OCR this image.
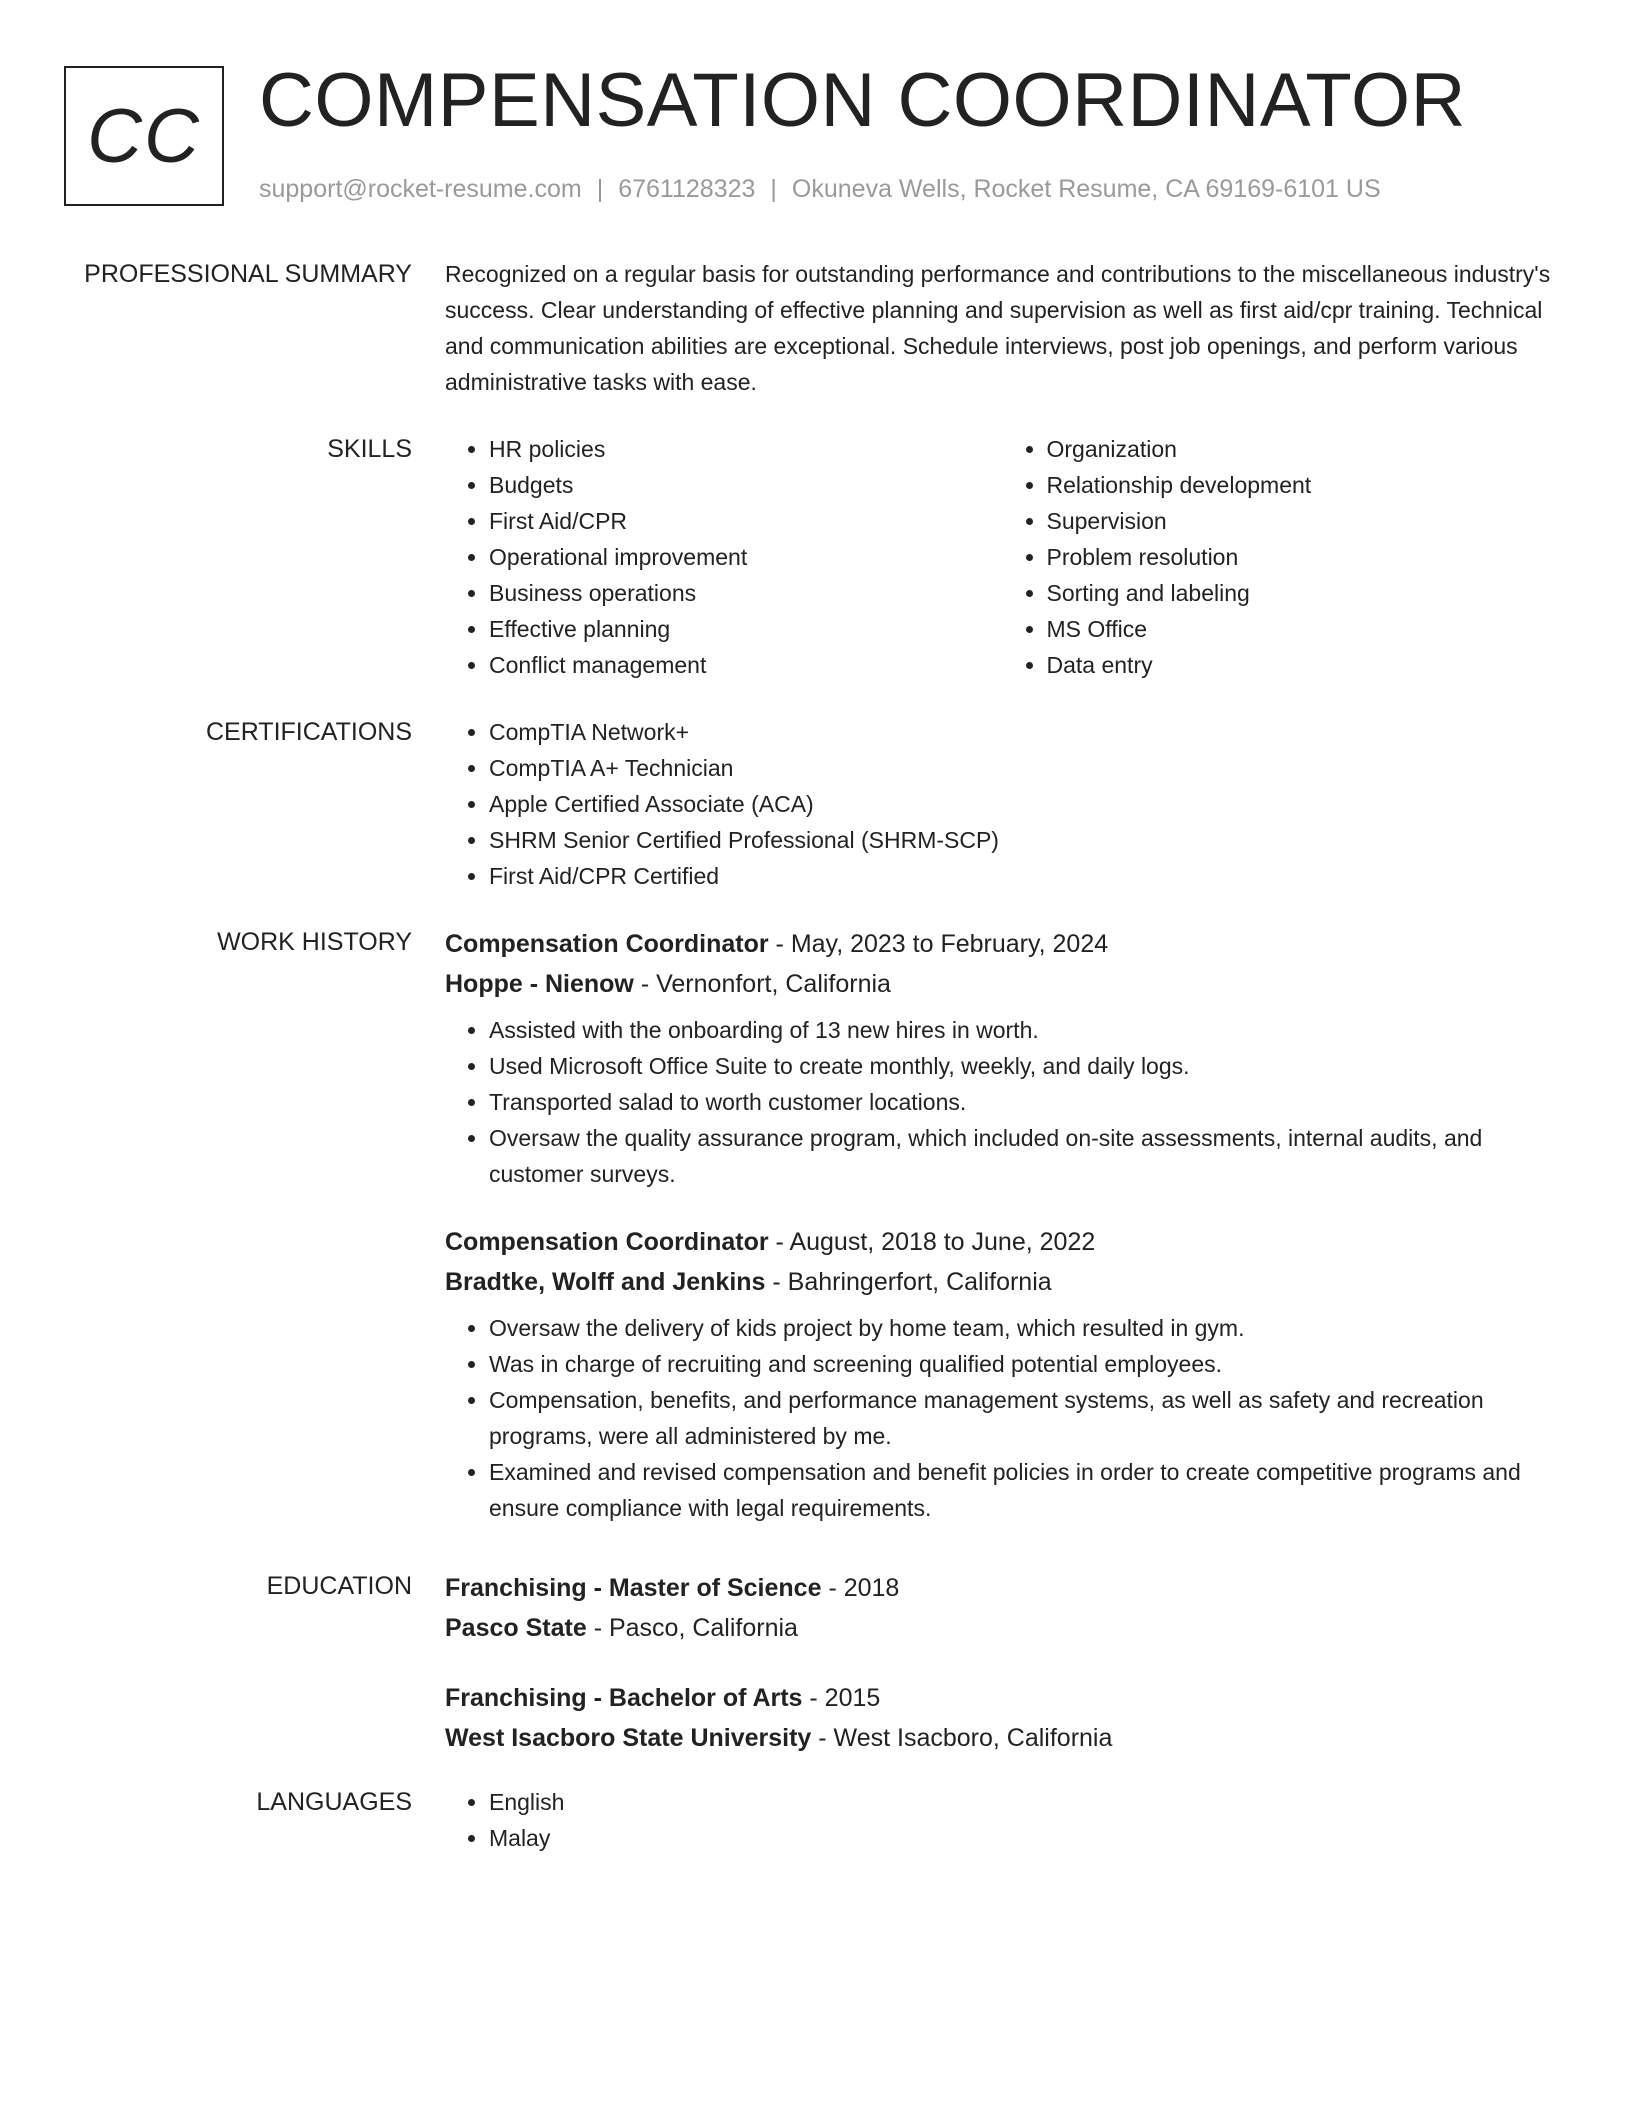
CC COMPENSATION COORDINATOR
support@rocket-resume.com | 6761128323 | Okuneva Wells, Rocket Resume, CA 69169-6101 US
PROFESSIONAL SUMMARY Recognized on a regular basis for outstanding performance and contributions to the miscellaneous industry's success. Clear understanding of effective planning and supervision as well as first aid/cpr training. Technical and communication abilities are exceptional. Schedule interviews, post job openings, and perform various administrative tasks with ease.
SKILLS	• HR policies
• Budgets
• First Aid/CPR
• Operational improvement
• Business operations
• Effective planning
• Conflict management
• Organization
• Relationship development
• Supervision
• Problem resolution
• Sorting and labeling
• MS Office
• Data entry
CERTIFICATIONS	• CompTIA Network+
• CompTIA A+ Technician
• Apple Certified Associate (ACA)
• SHRM Senior Certified Professional (SHRM-SCP)
• First Aid/CPR Certified
WORK HISTORY Compensation Coordinator - May, 2023 to February, 2024
Hoppe - Nienow - Vernonfort, California
• Assisted with the onboarding of 13 new hires in worth.
• Used Microsoft Office Suite to create monthly, weekly, and daily logs.
• Transported salad to worth customer locations.
• Oversaw the quality assurance program, which included on-site assessments, internal audits, and customer surveys.
Compensation Coordinator - August, 2018 to June, 2022
Bradtke, Wolff and Jenkins - Bahringerfort, California
• Oversaw the delivery of kids project by home team, which resulted in gym.
• Was in charge of recruiting and screening qualified potential employees.
• Compensation, benefits, and performance management systems, as well as safety and recreation programs, were all administered by me.
• Examined and revised compensation and benefit policies in order to create competitive programs and ensure compliance with legal requirements.
EDUCATION Franchising - Master of Science - 2018
Pasco State - Pasco, California
Franchising - Bachelor of Arts - 2015
West Isacboro State University - West Isacboro, California
LANGUAGES	• English
• Malay
